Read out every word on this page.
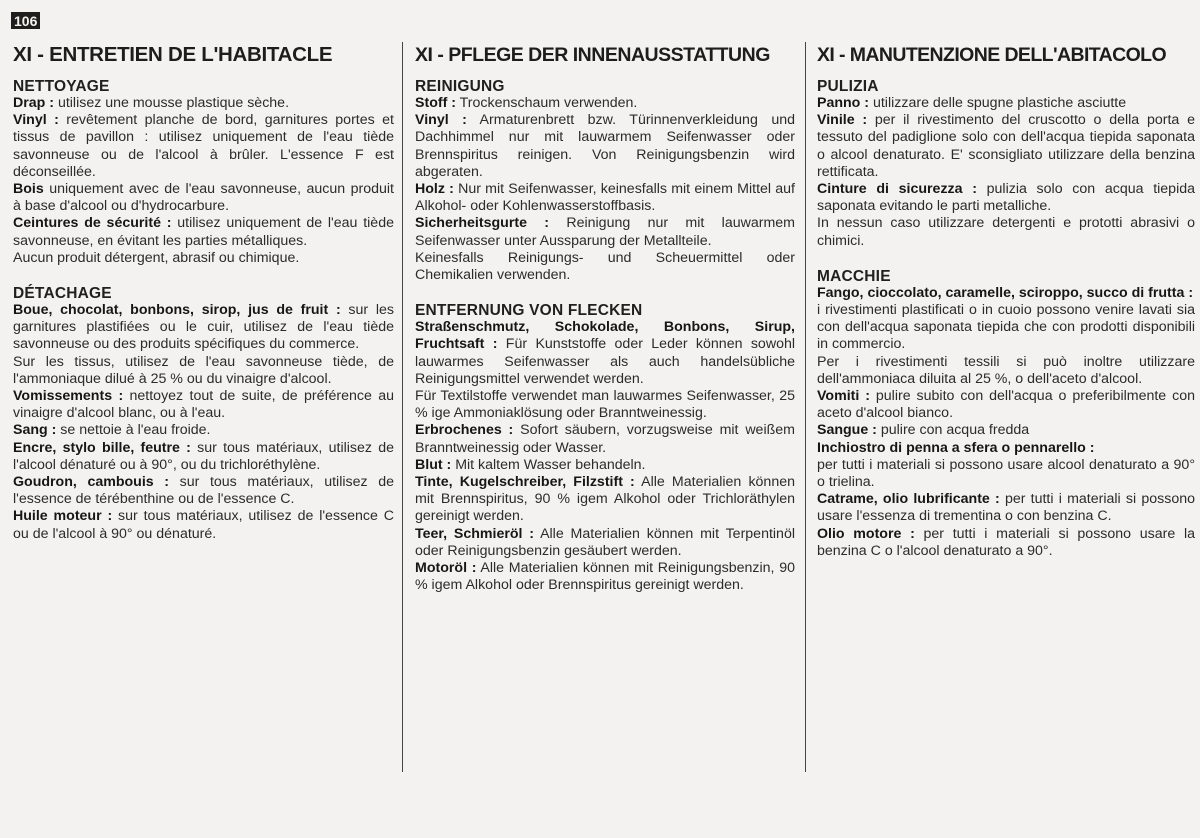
106
XI - ENTRETIEN DE L'HABITACLE
NETTOYAGE

Drap : utilisez une mousse plastique sèche.

Vinyl : revêtement planche de bord, garnitures portes et tissus de pavillon : utilisez uniquement de l'eau tiède savonneuse ou de l'alcool à brûler. L'essence F est déconseillée.

Bois uniquement avec de l'eau savonneuse, aucun produit à base d'alcool ou d'hydrocarbure.

Ceintures de sécurité : utilisez uniquement de l'eau tiède savonneuse, en évitant les parties métalliques.

Aucun produit détergent, abrasif ou chimique.

DÉTACHAGE

Boue, chocolat, bonbons, sirop, jus de fruit : sur les garnitures plastifiées ou le cuir, utilisez de l'eau tiède savonneuse ou des produits spécifiques du commerce.

Sur les tissus, utilisez de l'eau savonneuse tiède, de l'ammoniaque dilué à 25 % ou du vinaigre d'alcool.

Vomissements : nettoyez tout de suite, de préférence au vinaigre d'alcool blanc, ou à l'eau.

Sang : se nettoie à l'eau froide.

Encre, stylo bille, feutre : sur tous matériaux, utilisez de l'alcool dénaturé ou à 90°, ou du trichloréthylène.

Goudron, cambouis : sur tous matériaux, utilisez de l'essence de térébenthine ou de l'essence C.

Huile moteur : sur tous matériaux, utilisez de l'essence C ou de l'alcool à 90° ou dénaturé.

XI - PFLEGE DER INNENAUSSTATTUNG
REINIGUNG

Stoff : Trockenschaum verwenden.

Vinyl : Armaturenbrett bzw. Türinnenverkleidung und Dachhimmel nur mit lauwarmem Seifenwasser oder Brennspiritus reinigen. Von Reinigungsbenzin wird abgeraten.

Holz : Nur mit Seifenwasser, keinesfalls mit einem Mittel auf Alkohol- oder Kohlenwasserstoffbasis.

Sicherheitsgurte : Reinigung nur mit lauwarmem Seifenwasser unter Aussparung der Metallteile.

Keinesfalls Reinigungs- und Scheuermittel oder Chemikalien verwenden.

ENTFERNUNG VON FLECKEN

Straßenschmutz, Schokolade, Bonbons, Sirup, Fruchtsaft : Für Kunststoffe oder Leder können sowohl lauwarmes Seifenwasser als auch handelsübliche Reinigungsmittel verwendet werden.

Für Textilstoffe verwendet man lauwarmes Seifenwasser, 25 % ige Ammoniaklösung oder Branntweinessig.

Erbrochenes : Sofort säubern, vorzugsweise mit weißem Branntweinessig oder Wasser.

Blut : Mit kaltem Wasser behandeln.

Tinte, Kugelschreiber, Filzstift : Alle Materialien können mit Brennspiritus, 90 % igem Alkohol oder Trichloräthylen gereinigt werden.

Teer, Schmieröl : Alle Materialien können mit Terpentinöl oder Reinigungsbenzin gesäubert werden.

Motoröl : Alle Materialien können mit Reinigungsbenzin, 90 % igem Alkohol oder Brennspiritus gereinigt werden.

XI - MANUTENZIONE DELL'ABITACOLO
PULIZIA

Panno : utilizzare delle spugne plastiche asciutte

Vinile : per il rivestimento del cruscotto o della porta e tessuto del padiglione solo con dell'acqua tiepida saponata o alcool denaturato. E' sconsigliato utilizzare della benzina rettificata.

Cinture di sicurezza : pulizia solo con acqua tiepida saponata evitando le parti metalliche.

In nessun caso utilizzare detergenti e prototti abrasivi o chimici.

MACCHIE

Fango, cioccolato, caramelle, sciroppo, succo di frutta :

i rivestimenti plastificati o in cuoio possono venire lavati sia con dell'acqua saponata tiepida che con prodotti disponibili in commercio.

Per i rivestimenti tessili si può inoltre utilizzare dell'ammoniaca diluita al 25 %, o dell'aceto d'alcool.

Vomiti : pulire subito con dell'acqua o preferibilmente con aceto d'alcool bianco.

Sangue : pulire con acqua fredda

Inchiostro di penna a sfera o pennarello :

per tutti i materiali si possono usare alcool denaturato a 90° o trielina.

Catrame, olio lubrificante : per tutti i materiali si possono usare l'essenza di trementina o con benzina C.

Olio motore : per tutti i materiali si possono usare la benzina C o l'alcool denaturato a 90°.
